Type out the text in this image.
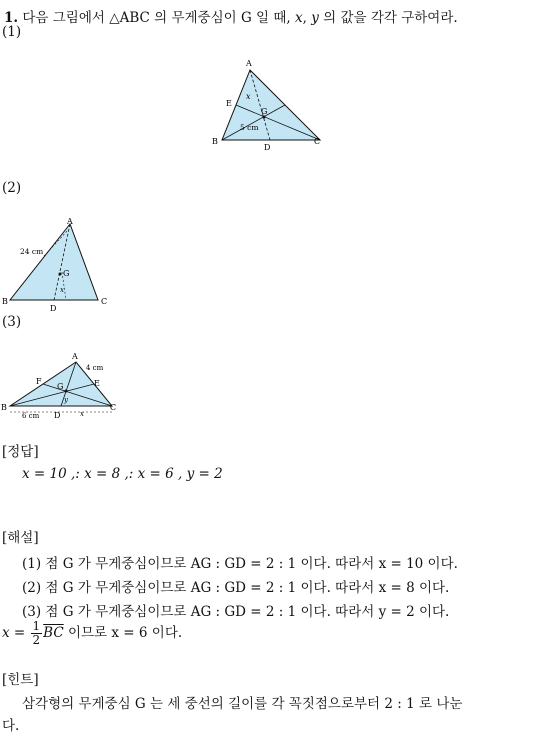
1. 다음 그림에서 △ABC 의 무게중심이 G 일 때, x, y 의 값을 각각 구하여라.
(1)
A
B	C
D
E
G
x
5 cm
(2)
A
B	C
D
G
x
24 cm
(3)
A
B	C
D
E
F
G
x
y
4 cm
6 cm
[정답]
x = 10 ,: x = 8 ,: x = 6 , y = 2
[해설]
(1) 점 G 가 무게중심이므로 AG : GD = 2 : 1 이다. 따라서 x = 10 이다.
(2) 점 G 가 무게중심이므로 AG : GD = 2 : 1 이다. 따라서 x = 8 이다.
(3) 점 G 가 무게중심이므로 AG : GD = 2 : 1 이다. 따라서 y = 2 이다.
$x = \frac{1}{2} \overline{BC}$ 이므로 x = 6 이다.
[힌트]
삼각형의 무게중심 G 는 세 중선의 길이를 각 꼭짓점으로부터 2 : 1 로 나눈
다.
